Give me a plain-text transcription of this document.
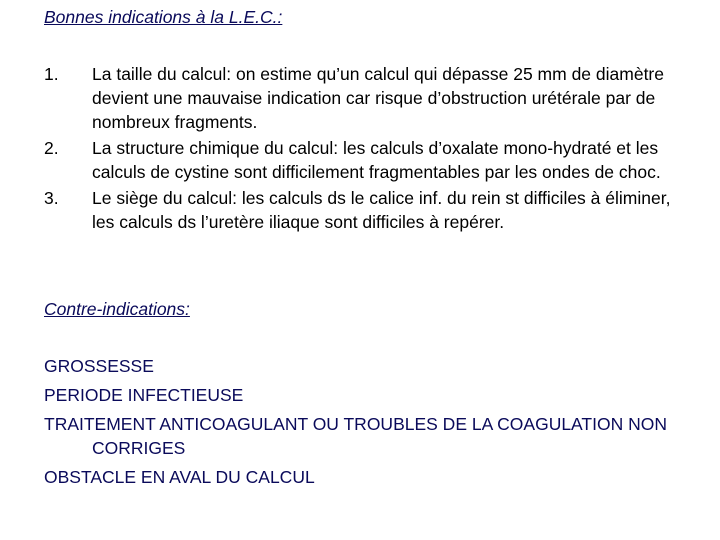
Bonnes indications à la L.E.C.:
1.	La taille du calcul: on estime qu’un calcul qui dépasse 25 mm de diamètre devient une mauvaise indication car risque d’obstruction urétérale par de nombreux fragments.
2.	La structure chimique du calcul: les calculs d’oxalate mono-hydraté et les calculs de cystine sont difficilement fragmentables par les ondes de choc.
3.	Le siège du calcul: les calculs ds le calice inf. du rein st difficiles à éliminer, les calculs ds l’uretère iliaque sont difficiles à repérer.
Contre-indications:
GROSSESSE
PERIODE INFECTIEUSE
TRAITEMENT ANTICOAGULANT OU TROUBLES DE LA COAGULATION NON CORRIGES
OBSTACLE EN AVAL DU CALCUL
